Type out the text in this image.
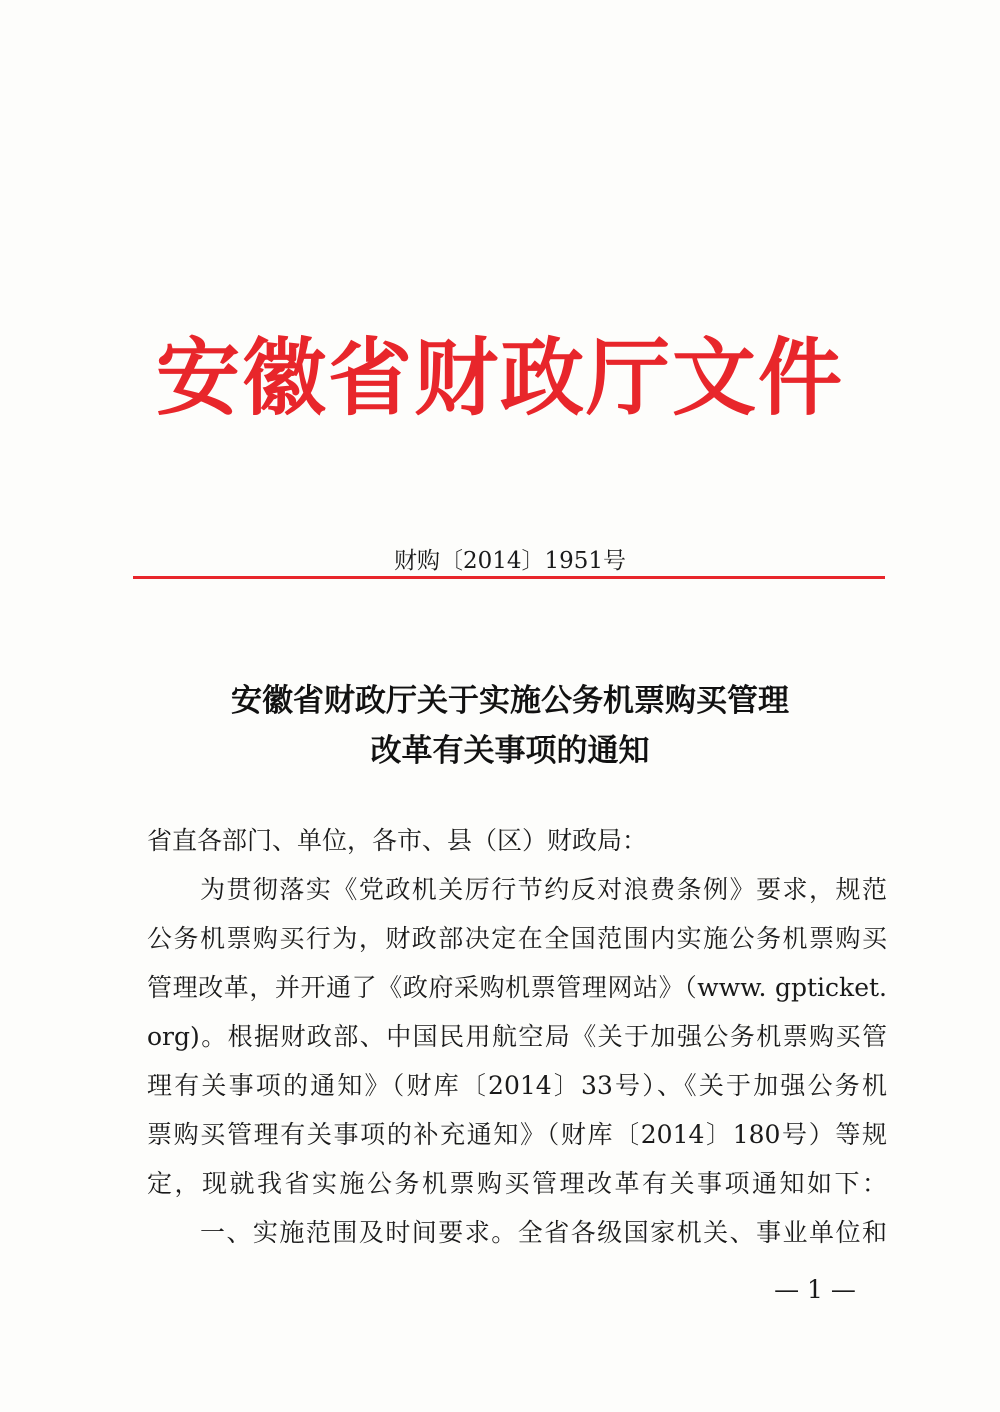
安徽省财政厅文件
财购〔2014〕1951号
安徽省财政厅关于实施公务机票购买管理
改革有关事项的通知
省直各部门、单位，各市、县（区）财政局：
　　为贯彻落实《党政机关厉行节约反对浪费条例》要求，规范
公务机票购买行为，财政部决定在全国范围内实施公务机票购买
管理改革，并开通了《政府采购机票管理网站》（www. gpticket.
org)。根据财政部、中国民用航空局《关于加强公务机票购买管
理有关事项的通知》（财库〔2014〕33号）、《关于加强公务机
票购买管理有关事项的补充通知》（财库〔2014〕180号）等规
定，现就我省实施公务机票购买管理改革有关事项通知如下：
　　一、实施范围及时间要求。全省各级国家机关、事业单位和
— 1 —
